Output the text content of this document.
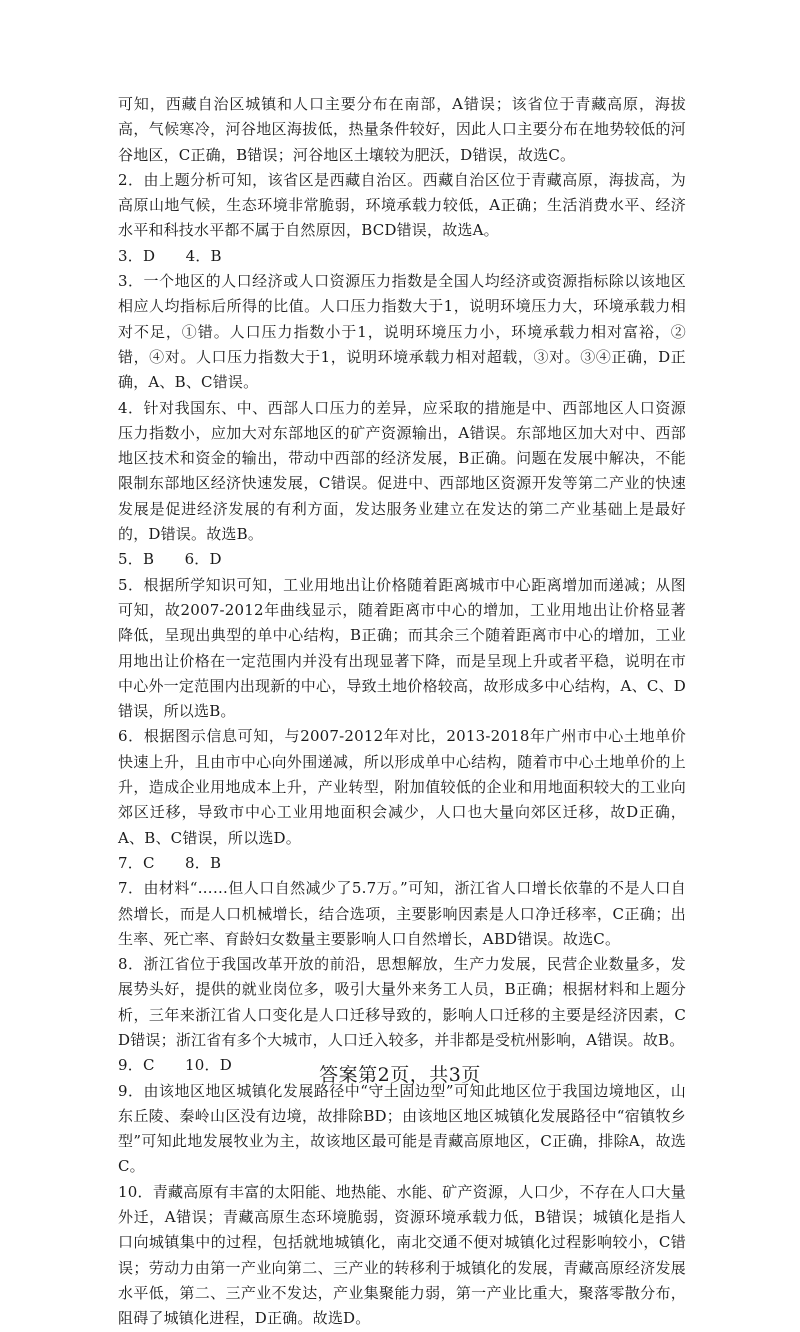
可知，西藏自治区城镇和人口主要分布在南部，A错误；该省位于青藏高原，海拔高，气候寒冷，河谷地区海拔低，热量条件较好，因此人口主要分布在地势较低的河谷地区，C正确，B错误；河谷地区土壤较为肥沃，D错误，故选C。

2．由上题分析可知，该省区是西藏自治区。西藏自治区位于青藏高原，海拔高，为高原山地气候，生态环境非常脆弱，环境承载力较低，A正确；生活消费水平、经济水平和科技水平都不属于自然原因，BCD错误，故选A。

3．D　　4．B

3．一个地区的人口经济或人口资源压力指数是全国人均经济或资源指标除以该地区相应人均指标后所得的比值。人口压力指数大于1，说明环境压力大，环境承载力相对不足，①错。人口压力指数小于1，说明环境压力小，环境承载力相对富裕，②错，④对。人口压力指数大于1，说明环境承载力相对超载，③对。③④正确，D正确，A、B、C错误。

4．针对我国东、中、西部人口压力的差异，应采取的措施是中、西部地区人口资源压力指数小，应加大对东部地区的矿产资源输出，A错误。东部地区加大对中、西部地区技术和资金的输出，带动中西部的经济发展，B正确。问题在发展中解决，不能限制东部地区经济快速发展，C错误。促进中、西部地区资源开发等第二产业的快速发展是促进经济发展的有利方面，发达服务业建立在发达的第二产业基础上是最好的，D错误。故选B。

5．B　　6．D

5．根据所学知识可知，工业用地出让价格随着距离城市中心距离增加而递减；从图可知，故2007-2012年曲线显示，随着距离市中心的增加，工业用地出让价格显著降低，呈现出典型的单中心结构，B正确；而其余三个随着距离市中心的增加，工业用地出让价格在一定范围内并没有出现显著下降，而是呈现上升或者平稳，说明在市中心外一定范围内出现新的中心，导致土地价格较高，故形成多中心结构，A、C、D错误，所以选B。

6．根据图示信息可知，与2007-2012年对比，2013-2018年广州市中心土地单价快速上升，且由市中心向外围递减，所以形成单中心结构，随着市中心土地单价的上升，造成企业用地成本上升，产业转型，附加值较低的企业和用地面积较大的工业向郊区迁移，导致市中心工业用地面积会减少，人口也大量向郊区迁移，故D正确，A、B、C错误，所以选D。

7．C　　8．B

7．由材料“……但人口自然减少了5.7万。”可知，浙江省人口增长依靠的不是人口自然增长，而是人口机械增长，结合选项，主要影响因素是人口净迁移率，C正确；出生率、死亡率、育龄妇女数量主要影响人口自然增长，ABD错误。故选C。

8．浙江省位于我国改革开放的前沿，思想解放，生产力发展，民营企业数量多，发展势头好，提供的就业岗位多，吸引大量外来务工人员，B正确；根据材料和上题分析，三年来浙江省人口变化是人口迁移导致的，影响人口迁移的主要是经济因素，CD错误；浙江省有多个大城市，人口迁入较多，并非都是受杭州影响，A错误。故B。

9．C　　10．D

9．由该地区地区城镇化发展路径中“守土固边型”可知此地区位于我国边境地区，山东丘陵、秦岭山区没有边境，故排除BD；由该地区地区城镇化发展路径中“宿镇牧乡型”可知此地发展牧业为主，故该地区最可能是青藏高原地区，C正确，排除A，故选C。

10．青藏高原有丰富的太阳能、地热能、水能、矿产资源，人口少，不存在人口大量外迁，A错误；青藏高原生态环境脆弱，资源环境承载力低，B错误；城镇化是指人口向城镇集中的过程，包括就地城镇化，南北交通不便对城镇化过程影响较小，C错误；劳动力由第一产业向第二、三产业的转移利于城镇化的发展，青藏高原经济发展水平低，第二、三产业不发达，产业集聚能力弱，第一产业比重大，聚落零散分布，阻碍了城镇化进程，D正确。故选D。

答案第2页，共3页
